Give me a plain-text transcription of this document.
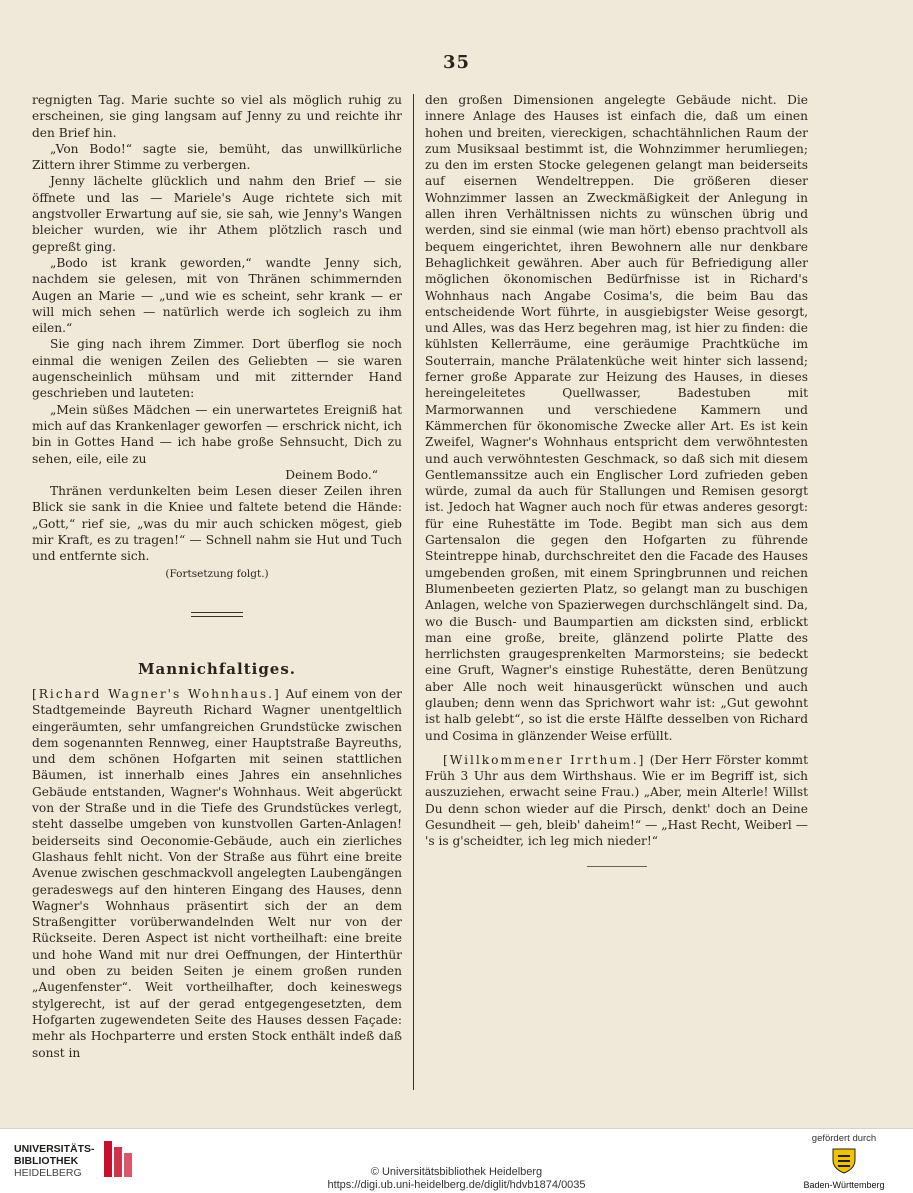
35

regnigten Tag. Marie suchte so viel als möglich ruhig zu erscheinen, sie ging langsam auf Jenny zu und reichte ihr den Brief hin.

„Von Bodo!“ sagte sie, bemüht, das unwillkürliche Zittern ihrer Stimme zu verbergen.

Jenny lächelte glücklich und nahm den Brief — sie öffnete und las — Mariele's Auge richtete sich mit angstvoller Erwartung auf sie, sie sah, wie Jenny's Wangen bleicher wurden, wie ihr Athem plötzlich rasch und gepreßt ging.

„Bodo ist krank geworden,“ wandte Jenny sich, nachdem sie gelesen, mit von Thränen schimmernden Augen an Marie — „und wie es scheint, sehr krank — er will mich sehen — natürlich werde ich sogleich zu ihm eilen.“

Sie ging nach ihrem Zimmer. Dort überflog sie noch einmal die wenigen Zeilen des Geliebten — sie waren augenscheinlich mühsam und mit zitternder Hand geschrieben und lauteten:

„Mein süßes Mädchen — ein unerwartetes Ereigniß hat mich auf das Krankenlager geworfen — erschrick nicht, ich bin in Gottes Hand — ich habe große Sehnsucht, Dich zu sehen, eile, eile zu

Deinem Bodo.“

Thränen verdunkelten beim Lesen dieser Zeilen ihren Blick sie sank in die Kniee und faltete betend die Hände: „Gott,“ rief sie, „was du mir auch schicken mögest, gieb mir Kraft, es zu tragen!“ — Schnell nahm sie Hut und Tuch und entfernte sich.

(Fortsetzung folgt.)

Mannichfaltiges.
[Richard Wagner's Wohnhaus.] Auf einem von der Stadtgemeinde Bayreuth Richard Wagner unentgeltlich eingeräumten, sehr umfangreichen Grundstücke zwischen dem sogenannten Rennweg, einer Hauptstraße Bayreuths, und dem schönen Hofgarten mit seinen stattlichen Bäumen, ist innerhalb eines Jahres ein ansehnliches Gebäude entstanden, Wagner's Wohnhaus. Weit abgerückt von der Straße und in die Tiefe des Grundstückes verlegt, steht dasselbe umgeben von kunstvollen Garten-Anlagen! beiderseits sind Oeconomie-Gebäude, auch ein zierliches Glashaus fehlt nicht. Von der Straße aus führt eine breite Avenue zwischen geschmackvoll angelegten Laubengängen geradeswegs auf den hinteren Eingang des Hauses, denn Wagner's Wohnhaus präsentirt sich der an dem Straßengitter vorüberwandelnden Welt nur von der Rückseite. Deren Aspect ist nicht vortheilhaft: eine breite und hohe Wand mit nur drei Oeffnungen, der Hinterthür und oben zu beiden Seiten je einem großen runden „Augenfenster“. Weit vortheilhafter, doch keineswegs stylgerecht, ist auf der gerad entgegengesetzten, dem Hofgarten zugewendeten Seite des Hauses dessen Façade: mehr als Hochparterre und ersten Stock enthält indeß daß sonst in

den großen Dimensionen angelegte Gebäude nicht. Die innere Anlage des Hauses ist einfach die, daß um einen hohen und breiten, viereckigen, schachtähnlichen Raum der zum Musiksaal bestimmt ist, die Wohnzimmer herumliegen; zu den im ersten Stocke gelegenen gelangt man beiderseits auf eisernen Wendeltreppen. Die größeren dieser Wohnzimmer lassen an Zweckmäßigkeit der Anlegung in allen ihren Verhältnissen nichts zu wünschen übrig und werden, sind sie einmal (wie man hört) ebenso prachtvoll als bequem eingerichtet, ihren Bewohnern alle nur denkbare Behaglichkeit gewähren. Aber auch für Befriedigung aller möglichen ökonomischen Bedürfnisse ist in Richard's Wohnhaus nach Angabe Cosima's, die beim Bau das entscheidende Wort führte, in ausgiebigster Weise gesorgt, und Alles, was das Herz begehren mag, ist hier zu finden: die kühlsten Kellerräume, eine geräumige Prachtküche im Souterrain, manche Prälatenküche weit hinter sich lassend; ferner große Apparate zur Heizung des Hauses, in dieses hereingeleitetes Quellwasser, Badestuben mit Marmorwannen und verschiedene Kammern und Kämmerchen für ökonomische Zwecke aller Art. Es ist kein Zweifel, Wagner's Wohnhaus entspricht dem verwöhntesten und auch verwöhntesten Geschmack, so daß sich mit diesem Gentlemanssitze auch ein Englischer Lord zufrieden geben würde, zumal da auch für Stallungen und Remisen gesorgt ist. Jedoch hat Wagner auch noch für etwas anderes gesorgt: für eine Ruhestätte im Tode. Begibt man sich aus dem Gartensalon die gegen den Hofgarten zu führende Steintreppe hinab, durchschreitet den die Facade des Hauses umgebenden großen, mit einem Springbrunnen und reichen Blumenbeeten gezierten Platz, so gelangt man zu buschigen Anlagen, welche von Spazierwegen durchschlängelt sind. Da, wo die Busch- und Baumpartien am dicksten sind, erblickt man eine große, breite, glänzend polirte Platte des herrlichsten graugesprenkelten Marmorsteins; sie bedeckt eine Gruft, Wagner's einstige Ruhestätte, deren Benützung aber Alle noch weit hinausgerückt wünschen und auch glauben; denn wenn das Sprichwort wahr ist: „Gut gewohnt ist halb gelebt“, so ist die erste Hälfte desselben von Richard und Cosima in glänzender Weise erfüllt.

[Willkommener Irrthum.] (Der Herr Förster kommt Früh 3 Uhr aus dem Wirthshaus. Wie er im Begriff ist, sich auszuziehen, erwacht seine Frau.) „Aber, mein Alterle! Willst Du denn schon wieder auf die Pirsch, denkt' doch an Deine Gesundheit — geh, bleib' daheim!“ — „Hast Recht, Weiberl — 's is g'scheidter, ich leg mich nieder!“

UNIVERSITÄTS-
BIBLIOTHEK
HEIDELBERG	© Universitätsbibliothek Heidelberg
https://digi.ub.uni-heidelberg.de/diglit/hdvb1874/0035
gefördert durch
Baden-Württemberg
